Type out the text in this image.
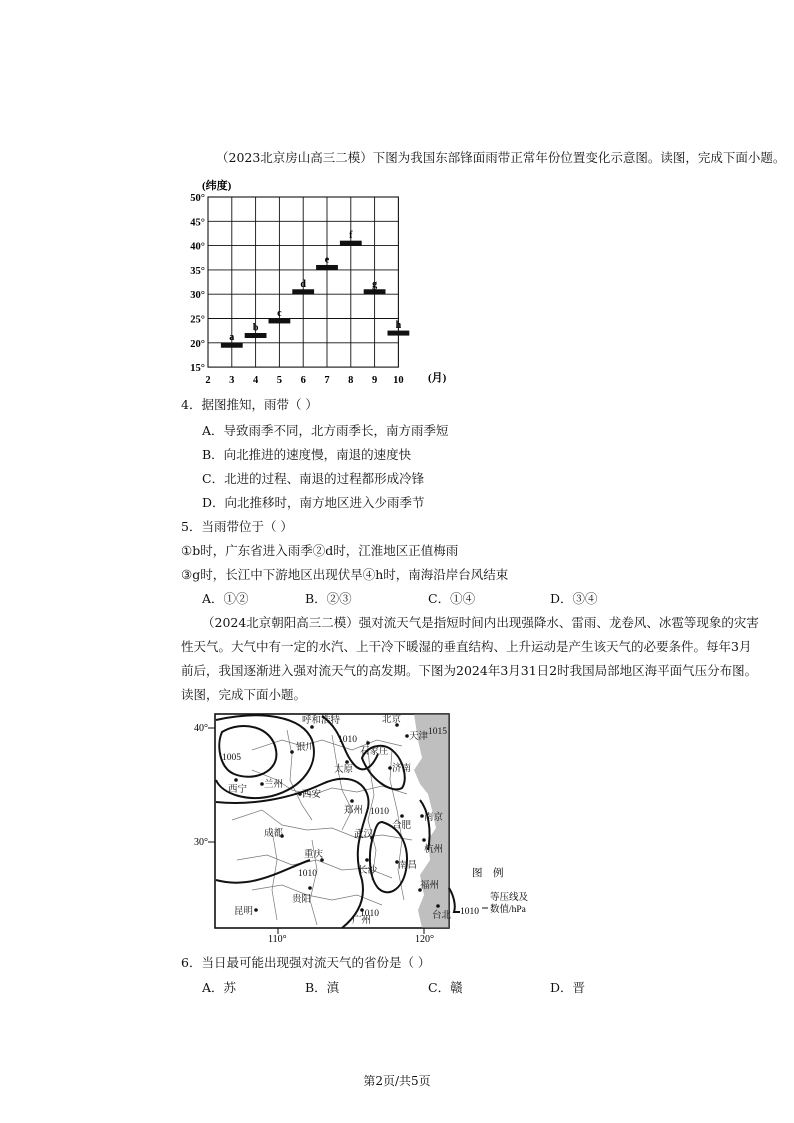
（2023北京房山高三二模）下图为我国东部锋面雨带正常年份位置变化示意图。读图，完成下面小题。
(纬度)
50°
45°
40°
35°
30°
25°
20°
15°
2 3 4 5 6 7 8 9 10
a
b
c
d
e
f
g
h
(月)
4．据图推知，雨带（ ）
A．导致雨季不同，北方雨季长，南方雨季短
B．向北推进的速度慢，南退的速度快
C．北进的过程、南退的过程都形成冷锋
D．向北推移时，南方地区进入少雨季节
5．当雨带位于（ ）
①b时，广东省进入雨季②d时，江淮地区正值梅雨
③g时，长江中下游地区出现伏旱④h时，南海沿岸台风结束
A．①②	B．②③	C．①④	D．③④
（2024北京朝阳高三二模）强对流天气是指短时间内出现强降水、雷雨、龙卷风、冰雹等现象的灾害
性天气。大气中有一定的水汽、上干冷下暖湿的垂直结构、上升运动是产生该天气的必要条件。每年3月
前后，我国逐渐进入强对流天气的高发期。下图为2024年3月31日2时我国局部地区海平面气压分布图。
读图，完成下面小题。
呼和浩特	北京
天津
银川	石家庄
太原	济南
西宁 兰州
西安
郑州
合肥
南京
成都	武汉
杭州
重庆
长沙 南昌
贵阳
福州
昆明
广州	台北
1005
1010
1010
1010
1010
1015
40°
30°
110°	120°
图　例
1010
等压线及
数值/hPa
6．当日最可能出现强对流天气的省份是（ ）
A．苏	B．滇	C．赣	D．晋
第2页/共5页
